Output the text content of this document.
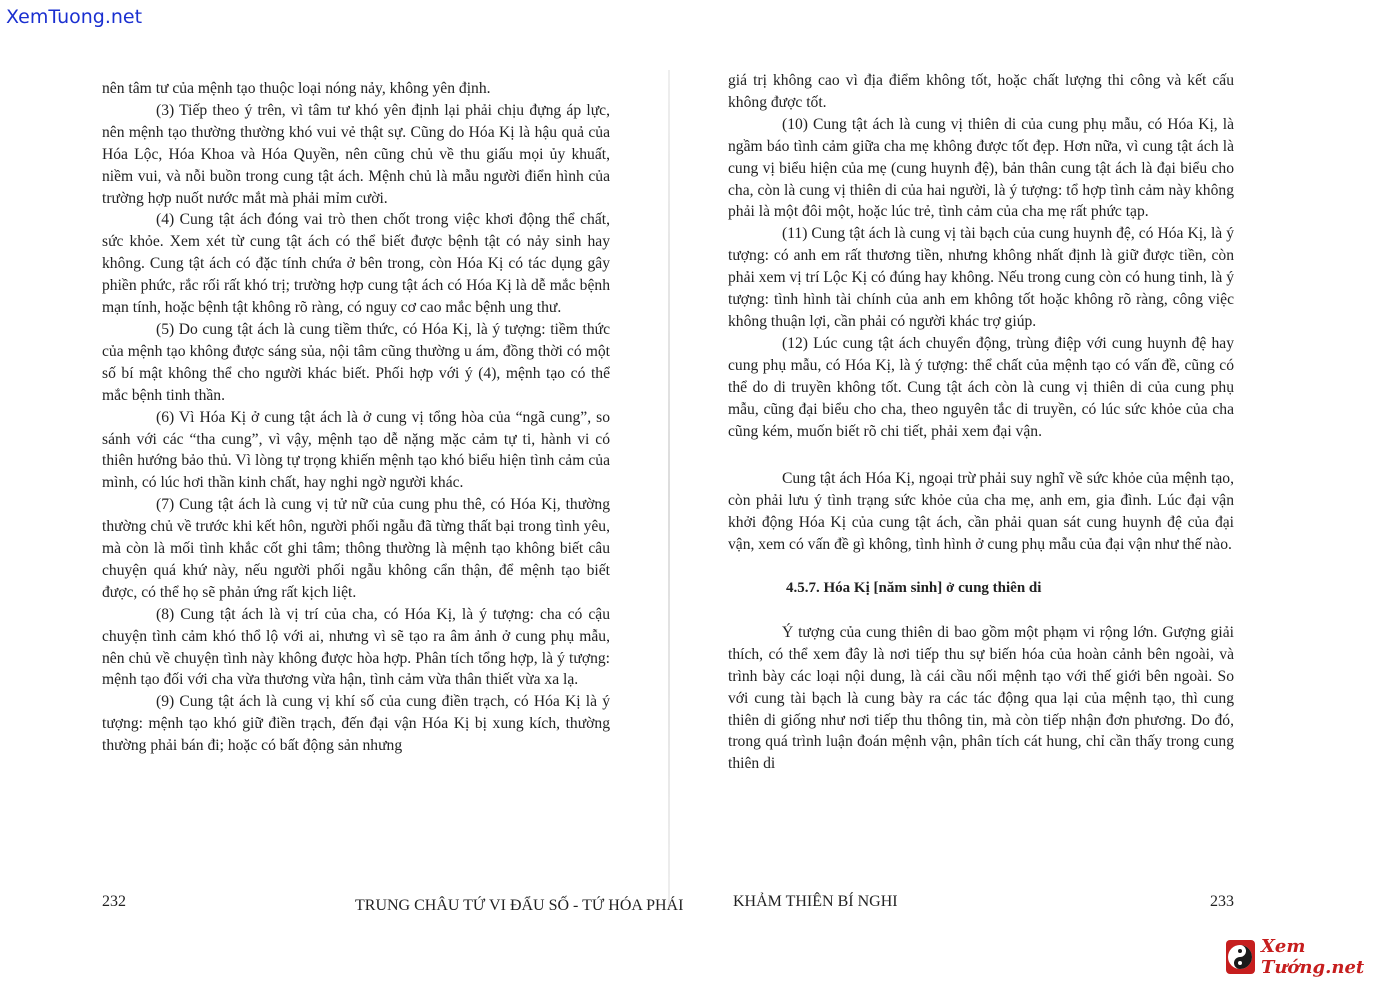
XemTuong.net

nên tâm tư của mệnh tạo thuộc loại nóng nảy, không yên định.

(3) Tiếp theo ý trên, vì tâm tư khó yên định lại phải chịu đựng áp lực, nên mệnh tạo thường thường khó vui vẻ thật sự. Cũng do Hóa Kị là hậu quả của Hóa Lộc, Hóa Khoa và Hóa Quyền, nên cũng chủ về thu giấu mọi ủy khuất, niềm vui, và nỗi buồn trong cung tật ách. Mệnh chủ là mẫu người điển hình của trường hợp nuốt nước mắt mà phải mỉm cười.

(4) Cung tật ách đóng vai trò then chốt trong việc khơi động thể chất, sức khỏe. Xem xét từ cung tật ách có thể biết được bệnh tật có nảy sinh hay không. Cung tật ách có đặc tính chứa ở bên trong, còn Hóa Kị có tác dụng gây phiền phức, rắc rối rất khó trị; trường hợp cung tật ách có Hóa Kị là dễ mắc bệnh mạn tính, hoặc bệnh tật không rõ ràng, có nguy cơ cao mắc bệnh ung thư.

(5) Do cung tật ách là cung tiềm thức, có Hóa Kị, là ý tượng: tiềm thức của mệnh tạo không được sáng sủa, nội tâm cũng thường u ám, đồng thời có một số bí mật không thể cho người khác biết. Phối hợp với ý (4), mệnh tạo có thể mắc bệnh tinh thần.

(6) Vì Hóa Kị ở cung tật ách là ở cung vị tổng hòa của “ngã cung”, so sánh với các “tha cung”, vì vậy, mệnh tạo dễ nặng mặc cảm tự ti, hành vi có thiên hướng bảo thủ. Vì lòng tự trọng khiến mệnh tạo khó biểu hiện tình cảm của mình, có lúc hơi thần kinh chất, hay nghi ngờ người khác.

(7) Cung tật ách là cung vị tử nữ của cung phu thê, có Hóa Kị, thường thường chủ về trước khi kết hôn, người phối ngẫu đã từng thất bại trong tình yêu, mà còn là mối tình khắc cốt ghi tâm; thông thường là mệnh tạo không biết câu chuyện quá khứ này, nếu người phối ngẫu không cẩn thận, để mệnh tạo biết được, có thể họ sẽ phản ứng rất kịch liệt.

(8) Cung tật ách là vị trí của cha, có Hóa Kị, là ý tượng: cha có cậu chuyện tình cảm khó thổ lộ với ai, nhưng vì sẽ tạo ra âm ảnh ở cung phụ mẫu, nên chủ về chuyện tình này không được hòa hợp. Phân tích tổng hợp, là ý tượng: mệnh tạo đối với cha vừa thương vừa hận, tình cảm vừa thân thiết vừa xa lạ.

(9) Cung tật ách là cung vị khí số của cung điền trạch, có Hóa Kị là ý tượng: mệnh tạo khó giữ điền trạch, đến đại vận Hóa Kị bị xung kích, thường thường phải bán đi; hoặc có bất động sản nhưng

giá trị không cao vì địa điểm không tốt, hoặc chất lượng thi công và kết cấu không được tốt.

(10) Cung tật ách là cung vị thiên di của cung phụ mẫu, có Hóa Kị, là ngầm báo tình cảm giữa cha mẹ không được tốt đẹp. Hơn nữa, vì cung tật ách là cung vị biểu hiện của mẹ (cung huynh đệ), bản thân cung tật ách là đại biểu cho cha, còn là cung vị thiên di của hai người, là ý tượng: tổ hợp tình cảm này không phải là một đôi một, hoặc lúc trẻ, tình cảm của cha mẹ rất phức tạp.

(11) Cung tật ách là cung vị tài bạch của cung huynh đệ, có Hóa Kị, là ý tượng: có anh em rất thương tiền, nhưng không nhất định là giữ được tiền, còn phải xem vị trí Lộc Kị có đúng hay không. Nếu trong cung còn có hung tinh, là ý tượng: tình hình tài chính của anh em không tốt hoặc không rõ ràng, công việc không thuận lợi, cần phải có người khác trợ giúp.

(12) Lúc cung tật ách chuyển động, trùng điệp với cung huynh đệ hay cung phụ mẫu, có Hóa Kị, là ý tượng: thể chất của mệnh tạo có vấn đề, cũng có thể do di truyền không tốt. Cung tật ách còn là cung vị thiên di của cung phụ mẫu, cũng đại biểu cho cha, theo nguyên tắc di truyền, có lúc sức khỏe của cha cũng kém, muốn biết rõ chi tiết, phải xem đại vận.

Cung tật ách Hóa Kị, ngoại trừ phải suy nghĩ về sức khỏe của mệnh tạo, còn phải lưu ý tình trạng sức khỏe của cha mẹ, anh em, gia đình. Lúc đại vận khởi động Hóa Kị của cung tật ách, cần phải quan sát cung huynh đệ của đại vận, xem có vấn đề gì không, tình hình ở cung phụ mẫu của đại vận như thế nào.

4.5.7. Hóa Kị [năm sinh] ở cung thiên di

Ý tượng của cung thiên di bao gồm một phạm vi rộng lớn. Gượng giải thích, có thể xem đây là nơi tiếp thu sự biến hóa của hoàn cảnh bên ngoài, và trình bày các loại nội dung, là cái cầu nối mệnh tạo với thế giới bên ngoài. So với cung tài bạch là cung bày ra các tác động qua lại của mệnh tạo, thì cung thiên di giống như nơi tiếp thu thông tin, mà còn tiếp nhận đơn phương. Do đó, trong quá trình luận đoán mệnh vận, phân tích cát hung, chỉ cần thấy trong cung thiên di

232	TRUNG CHÂU TỨ VI ĐẨU SỐ - TỨ HÓA PHÁI	KHẢM THIÊN BÍ NGHI	233
Xem Tướng.net
